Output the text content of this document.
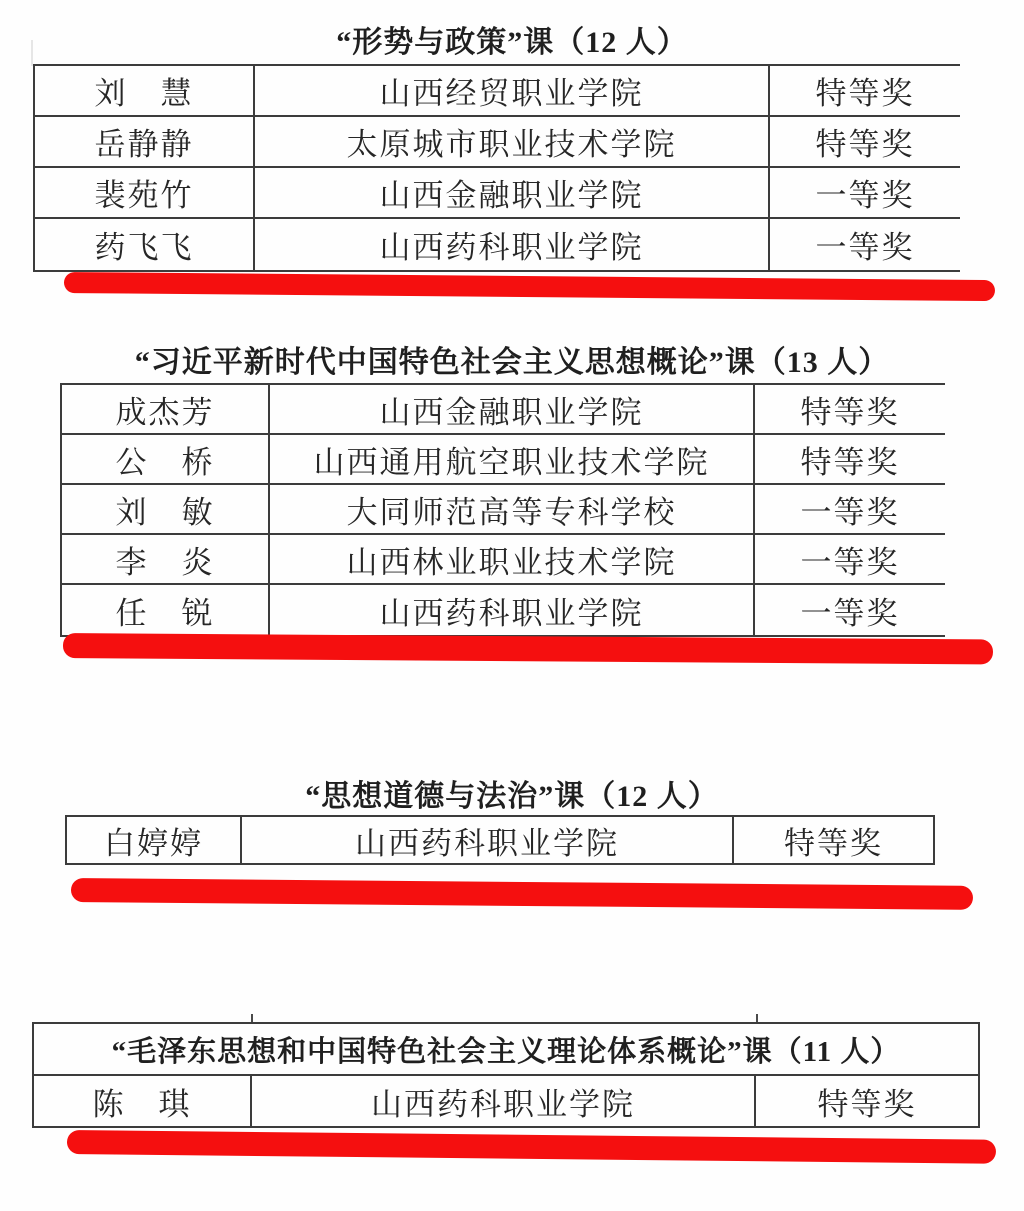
“形势与政策”课（12 人）
刘　慧	山西经贸职业学院	特等奖
岳静静	太原城市职业技术学院	特等奖
裴苑竹	山西金融职业学院	一等奖
药飞飞	山西药科职业学院	一等奖
“习近平新时代中国特色社会主义思想概论”课（13 人）
成杰芳	山西金融职业学院	特等奖
公　桥	山西通用航空职业技术学院	特等奖
刘　敏	大同师范高等专科学校	一等奖
李　炎	山西林业职业技术学院	一等奖
任　锐	山西药科职业学院	一等奖
“思想道德与法治”课（12 人）
白婷婷	山西药科职业学院	特等奖
“毛泽东思想和中国特色社会主义理论体系概论”课（11 人）
陈　琪	山西药科职业学院	特等奖
